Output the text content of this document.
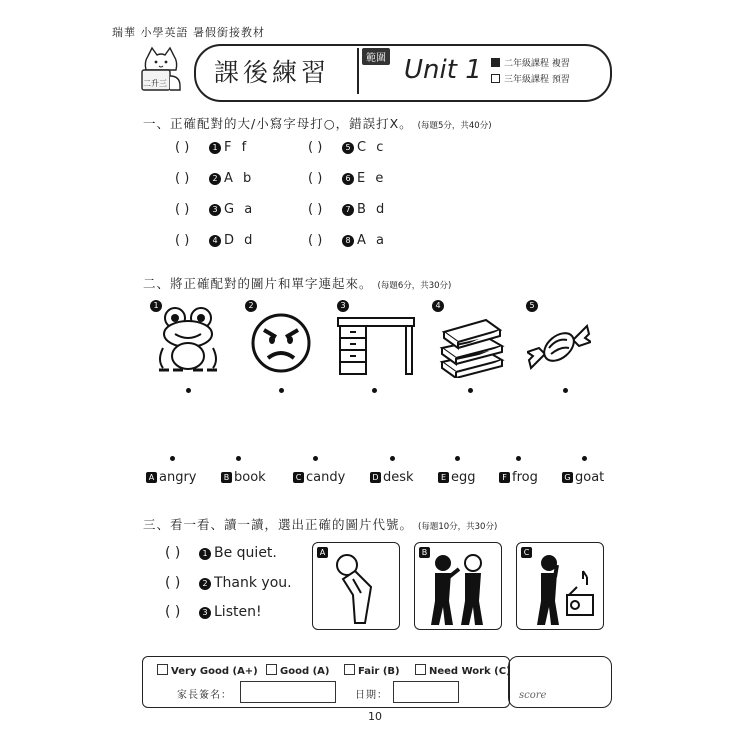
瑞華 小學英語 暑假銜接教材
二升三 課後練習	範圍 Unit 1	二年級課程 複習
三年級課程 預習
一、正確配對的大/小寫字母打○，錯誤打X。 (每題5分，共40分)
( )	1 F f	( )	5 C c
( )	2 A b	( )	6 E e
( )	3 G a	( )	7 B d
( )	4 D d	( )	8 A a
二、將正確配對的圖片和單字連起來。 (每題6分，共30分)
1	2	3	4	5
A angry	B book	C candy	D desk	E egg	F frog	G goat
三、看一看、讀一讀，選出正確的圖片代號。 (每題10分，共30分)
( )	1 Be quiet.
( )	2 Thank you.
( )	3 Listen!
A	B	C
score
Very Good (A+)	Good (A)	Fair (B)	Need Work (C)
家長簽名：	日期：
10
